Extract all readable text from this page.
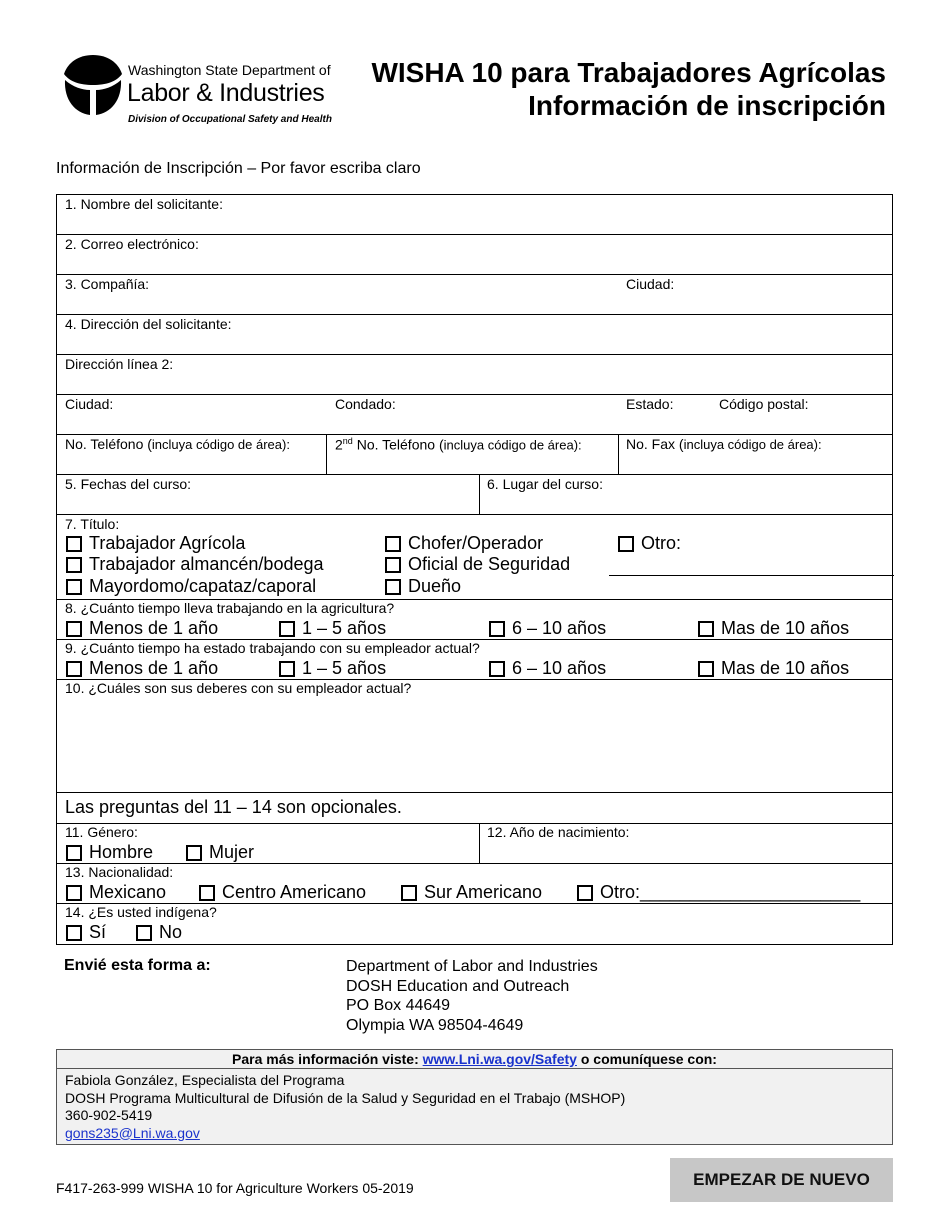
Washington State Department of
Labor & Industries
Division of Occupational Safety and Health
WISHA 10 para Trabajadores Agrícolas
Información de inscripción
Información de Inscripción – Por favor escriba claro
1. Nombre del solicitante:
2. Correo electrónico:
3. Compañía:	Ciudad:
4. Dirección del solicitante:
Dirección línea 2:
Ciudad:	Condado:	Estado:	Código postal:
No. Teléfono (incluya código de área):	2nd No. Teléfono (incluya código de área):	No. Fax (incluya código de área):
5. Fechas del curso:	6. Lugar del curso:
7. Título:
Trabajador Agrícola	Chofer/Operador	Otro:
Trabajador almancén/bodega	Oficial de Seguridad
Mayordomo/capataz/caporal	Dueño
8. ¿Cuánto tiempo lleva trabajando en la agricultura?
Menos de 1 año	1 – 5 años	6 – 10 años	Mas de 10 años
9. ¿Cuánto tiempo ha estado trabajando con su empleador actual?
Menos de 1 año	1 – 5 años	6 – 10 años	Mas de 10 años
10. ¿Cuáles son sus deberes con su empleador actual?
Las preguntas del 11 – 14 son opcionales.
11. Género:
Hombre	Mujer
12. Año de nacimiento:
13. Nacionalidad:
Mexicano	Centro Americano	Sur Americano	Otro:______________________
14. ¿Es usted indígena?
Sí	No
Envié esta forma a:	Department of Labor and Industries
DOSH Education and Outreach
PO Box 44649
Olympia WA 98504-4649
Para más información viste: www.Lni.wa.gov/Safety o comuníquese con:
Fabiola González, Especialista del Programa
DOSH Programa Multicultural de Difusión de la Salud y Seguridad en el Trabajo (MSHOP)
360-902-5419
gons235@Lni.wa.gov
F417-263-999 WISHA 10 for Agriculture Workers 05-2019	EMPEZAR DE NUEVO
